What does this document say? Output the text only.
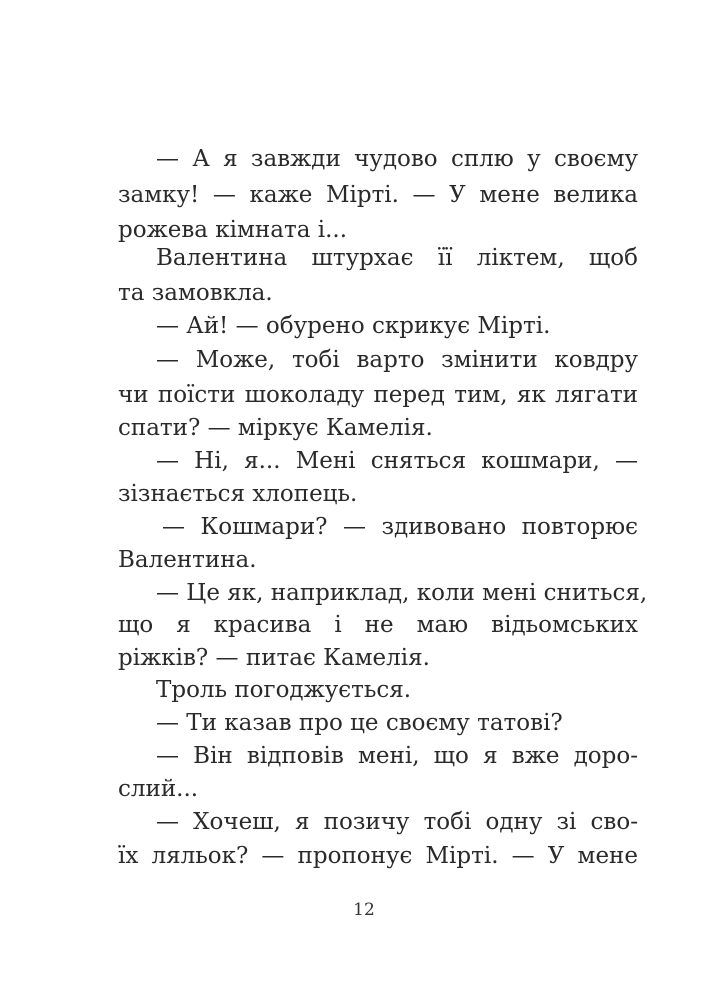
— А я завжди чудово сплю у своєму
замку! — каже Мірті. — У мене велика
рожева кімната і...
Валентина штурхає її ліктем, щоб
та замовкла.
— Ай! — обурено скрикує Мірті.
— Може, тобі варто змінити ковдру
чи поїсти шоколаду перед тим, як лягати
спати? — міркує Камелія.
— Ні, я... Мені сняться кошмари, —
зізнається хлопець.
— Кошмари? — здивовано повторює
Валентина.
— Це як, наприклад, коли мені сниться,
що я красива і не маю відьомських
ріжків? — питає Камелія.
Троль погоджується.
— Ти казав про це своєму татові?
— Він відповів мені, що я вже доро-
слий...
— Хочеш, я позичу тобі одну зі сво-
їх ляльок? — пропонує Мірті. — У мене
12
